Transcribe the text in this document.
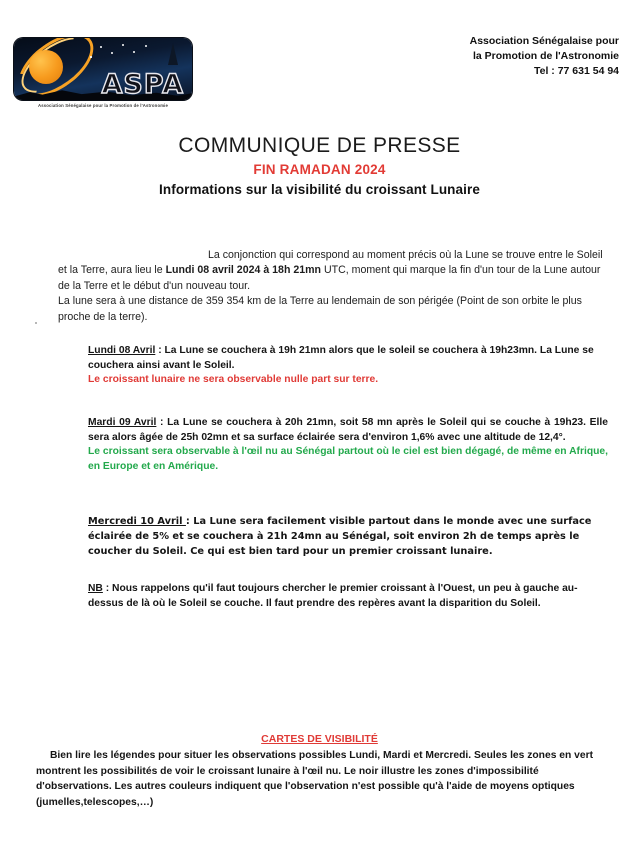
ASPA
Association Sénégalaise pour la Promotion de l'Astronomie
Association Sénégalaise pour
la Promotion de l'Astronomie
Tel : 77 631 54 94
COMMUNIQUE DE PRESSE
FIN RAMADAN 2024
Informations sur la visibilité du croissant Lunaire

La conjonction qui correspond au moment précis où la Lune se trouve entre le Soleil et la Terre, aura lieu le Lundi 08 avril 2024 à 18h 21mn UTC, moment qui marque la fin d'un tour de la Lune autour de la Terre et le début d'un nouveau tour.

La lune sera à une distance de 359 354 km de la Terre au lendemain de son périgée (Point de son orbite le plus proche de la terre).

Lundi 08 Avril : La Lune se couchera à 19h 21mn alors que le soleil se couchera à 19h23mn. La Lune se couchera ainsi avant le Soleil.

Le croissant lunaire ne sera observable nulle part sur terre.

Mardi 09 Avril : La Lune se couchera à 20h 21mn, soit 58 mn après le Soleil qui se couche à 19h23. Elle sera alors âgée de 25h 02mn et sa surface éclairée sera d'environ 1,6% avec une altitude de 12,4°.

Le croissant sera observable à l'œil nu au Sénégal partout où le ciel est bien dégagé, de même en Afrique, en Europe et en Amérique.

Mercredi 10 Avril : La Lune sera facilement visible partout dans le monde avec une surface éclairée de 5% et se couchera à 21h 24mn au Sénégal, soit environ 2h de temps après le coucher du Soleil. Ce qui est bien tard pour un premier croissant lunaire.

NB : Nous rappelons qu'il faut toujours chercher le premier croissant à l'Ouest, un peu à gauche au-dessus de là où le Soleil se couche. Il faut prendre des repères avant la disparition du Soleil.

CARTES DE VISIBILITÉ

Bien lire les légendes pour situer les observations possibles Lundi, Mardi et Mercredi. Seules les zones en vert montrent les possibilités de voir le croissant lunaire à l'œil nu. Le noir illustre les zones d'impossibilité d'observations. Les autres couleurs indiquent que l'observation n'est possible qu'à l'aide de moyens optiques (jumelles,telescopes,…)
